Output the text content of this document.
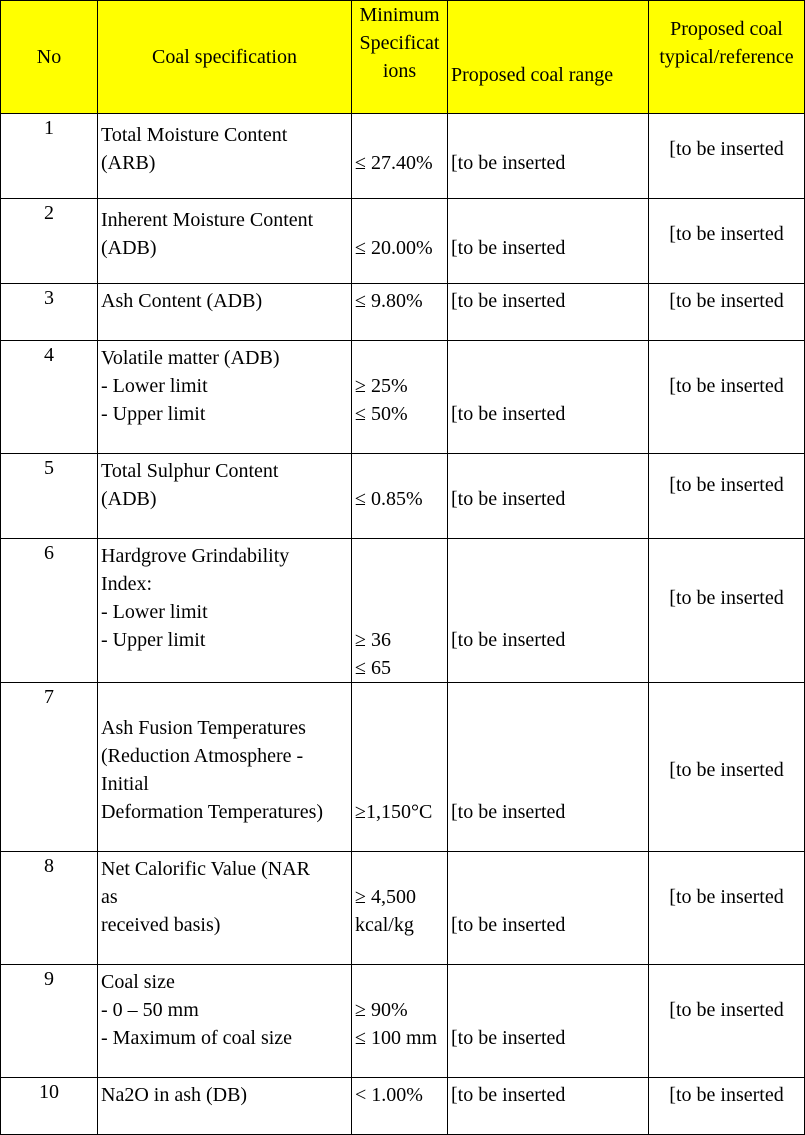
No	Coal specification	Minimum
Specificat
ions	Proposed coal range	Proposed coal
typical/reference

1	Total Moisture Content
(ARB)	≤ 27.40%	[to be inserted	[to be inserted

2	Inherent Moisture Content
(ADB)	≤ 20.00%	[to be inserted	[to be inserted

3	Ash Content (ADB)	≤ 9.80%	[to be inserted	[to be inserted

4	Volatile matter (ADB)
- Lower limit
- Upper limit	≥ 25%
≤ 50%	[to be inserted	[to be inserted

5	Total Sulphur Content
(ADB)	≤ 0.85%	[to be inserted	[to be inserted

6	Hardgrove Grindability
Index:
- Lower limit
- Upper limit	≥ 36
≤ 65	[to be inserted	[to be inserted

7	Ash Fusion Temperatures
(Reduction Atmosphere -
Initial
Deformation Temperatures)	≥1,150°C	[to be inserted	[to be inserted

8	Net Calorific Value (NAR
as
received basis)	≥ 4,500
kcal/kg	[to be inserted	[to be inserted

9	Coal size
- 0 – 50 mm
- Maximum of coal size	≥ 90%
≤ 100 mm	[to be inserted	[to be inserted

10	Na2O in ash (DB)	< 1.00%	[to be inserted	[to be inserted
